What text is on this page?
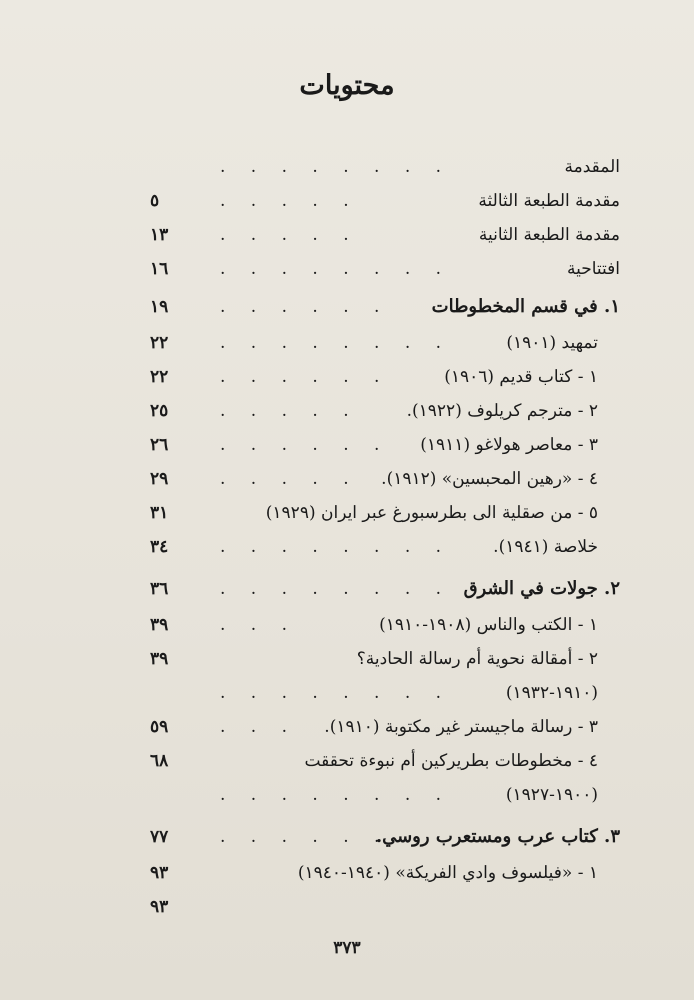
محتويات
المقدمة
. . . . . . . .
مقدمة الطبعة الثالثة
. . . . .
٥
مقدمة الطبعة الثانية
. . . . .
١٣
افتتاحية
. . . . . . . .
١٦
١. في قسم المخطوطات
. . . . . .
١٩
تمهيد (١٩٠١)
. . . . . . . .
٢٢
١ - كتاب قديم (١٩٠٦)
. . . . . .
٢٢
٢ - مترجم كريلوف (١٩٢٢).
. . . . .
٢٥
٣ - معاصر هولاغو (١٩١١)
. . . . . .
٢٦
٤ - «رهين المحبسين» (١٩١٢).
. . . . .
٢٩
٥ - من صقلية الى بطرسبورغ عبر ايران (١٩٢٩)
٣١
خلاصة (١٩٤١).
. . . . . . . .
٣٤
٢. جولات في الشرق
. . . . . . . .
٣٦
١ - الكتب والناس (١٩٠٨-١٩١٠)
. . .
٣٩
٢ - أمقالة نحوية أم رسالة الحادية؟
٣٩
(١٩١٠-١٩٣٢)
. . . . . . . .
٣ - رسالة ماجيستر غير مكتوبة (١٩١٠).
. . .
٥٩
٤ - مخطوطات بطريركين أم نبوءة تحققت
٦٨
(١٩٠٠-١٩٢٧)
. . . . . . . .
٣. كتاب عرب ومستعرب روسي.
. . . . . .
٧٧
١ - «فيلسوف وادي الفريكة» (١٩٤٠-١٩٤٠)
٩٣
٩٣
٣٧٣
